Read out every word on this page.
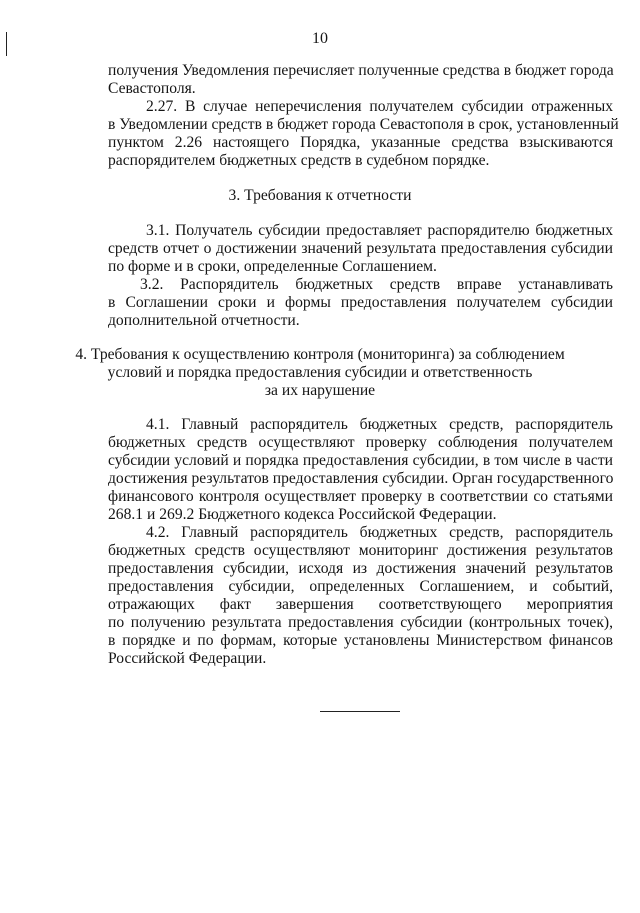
10
получения Уведомления перечисляет полученные средства в бюджет города
Севастополя.
2.27. В случае неперечисления получателем субсидии отраженных
в Уведомлении средств в бюджет города Севастополя в срок, установленный
пунктом 2.26 настоящего Порядка, указанные средства взыскиваются
распорядителем бюджетных средств в судебном порядке.
3. Требования к отчетности
3.1. Получатель субсидии предоставляет распорядителю бюджетных
средств отчет о достижении значений результата предоставления субсидии
по форме и в сроки, определенные Соглашением.
3.2. Распорядитель бюджетных средств вправе устанавливать
в Соглашении сроки и формы предоставления получателем субсидии
дополнительной отчетности.
4. Требования к осуществлению контроля (мониторинга) за соблюдением
условий и порядка предоставления субсидии и ответственность
за их нарушение
4.1. Главный распорядитель бюджетных средств, распорядитель
бюджетных средств осуществляют проверку соблюдения получателем
субсидии условий и порядка предоставления субсидии, в том числе в части
достижения результатов предоставления субсидии. Орган государственного
финансового контроля осуществляет проверку в соответствии со статьями
268.1 и 269.2 Бюджетного кодекса Российской Федерации.
4.2. Главный распорядитель бюджетных средств, распорядитель
бюджетных средств осуществляют мониторинг достижения результатов
предоставления субсидии, исходя из достижения значений результатов
предоставления субсидии, определенных Соглашением, и событий,
отражающих факт завершения соответствующего мероприятия
по получению результата предоставления субсидии (контрольных точек),
в порядке и по формам, которые установлены Министерством финансов
Российской Федерации.
